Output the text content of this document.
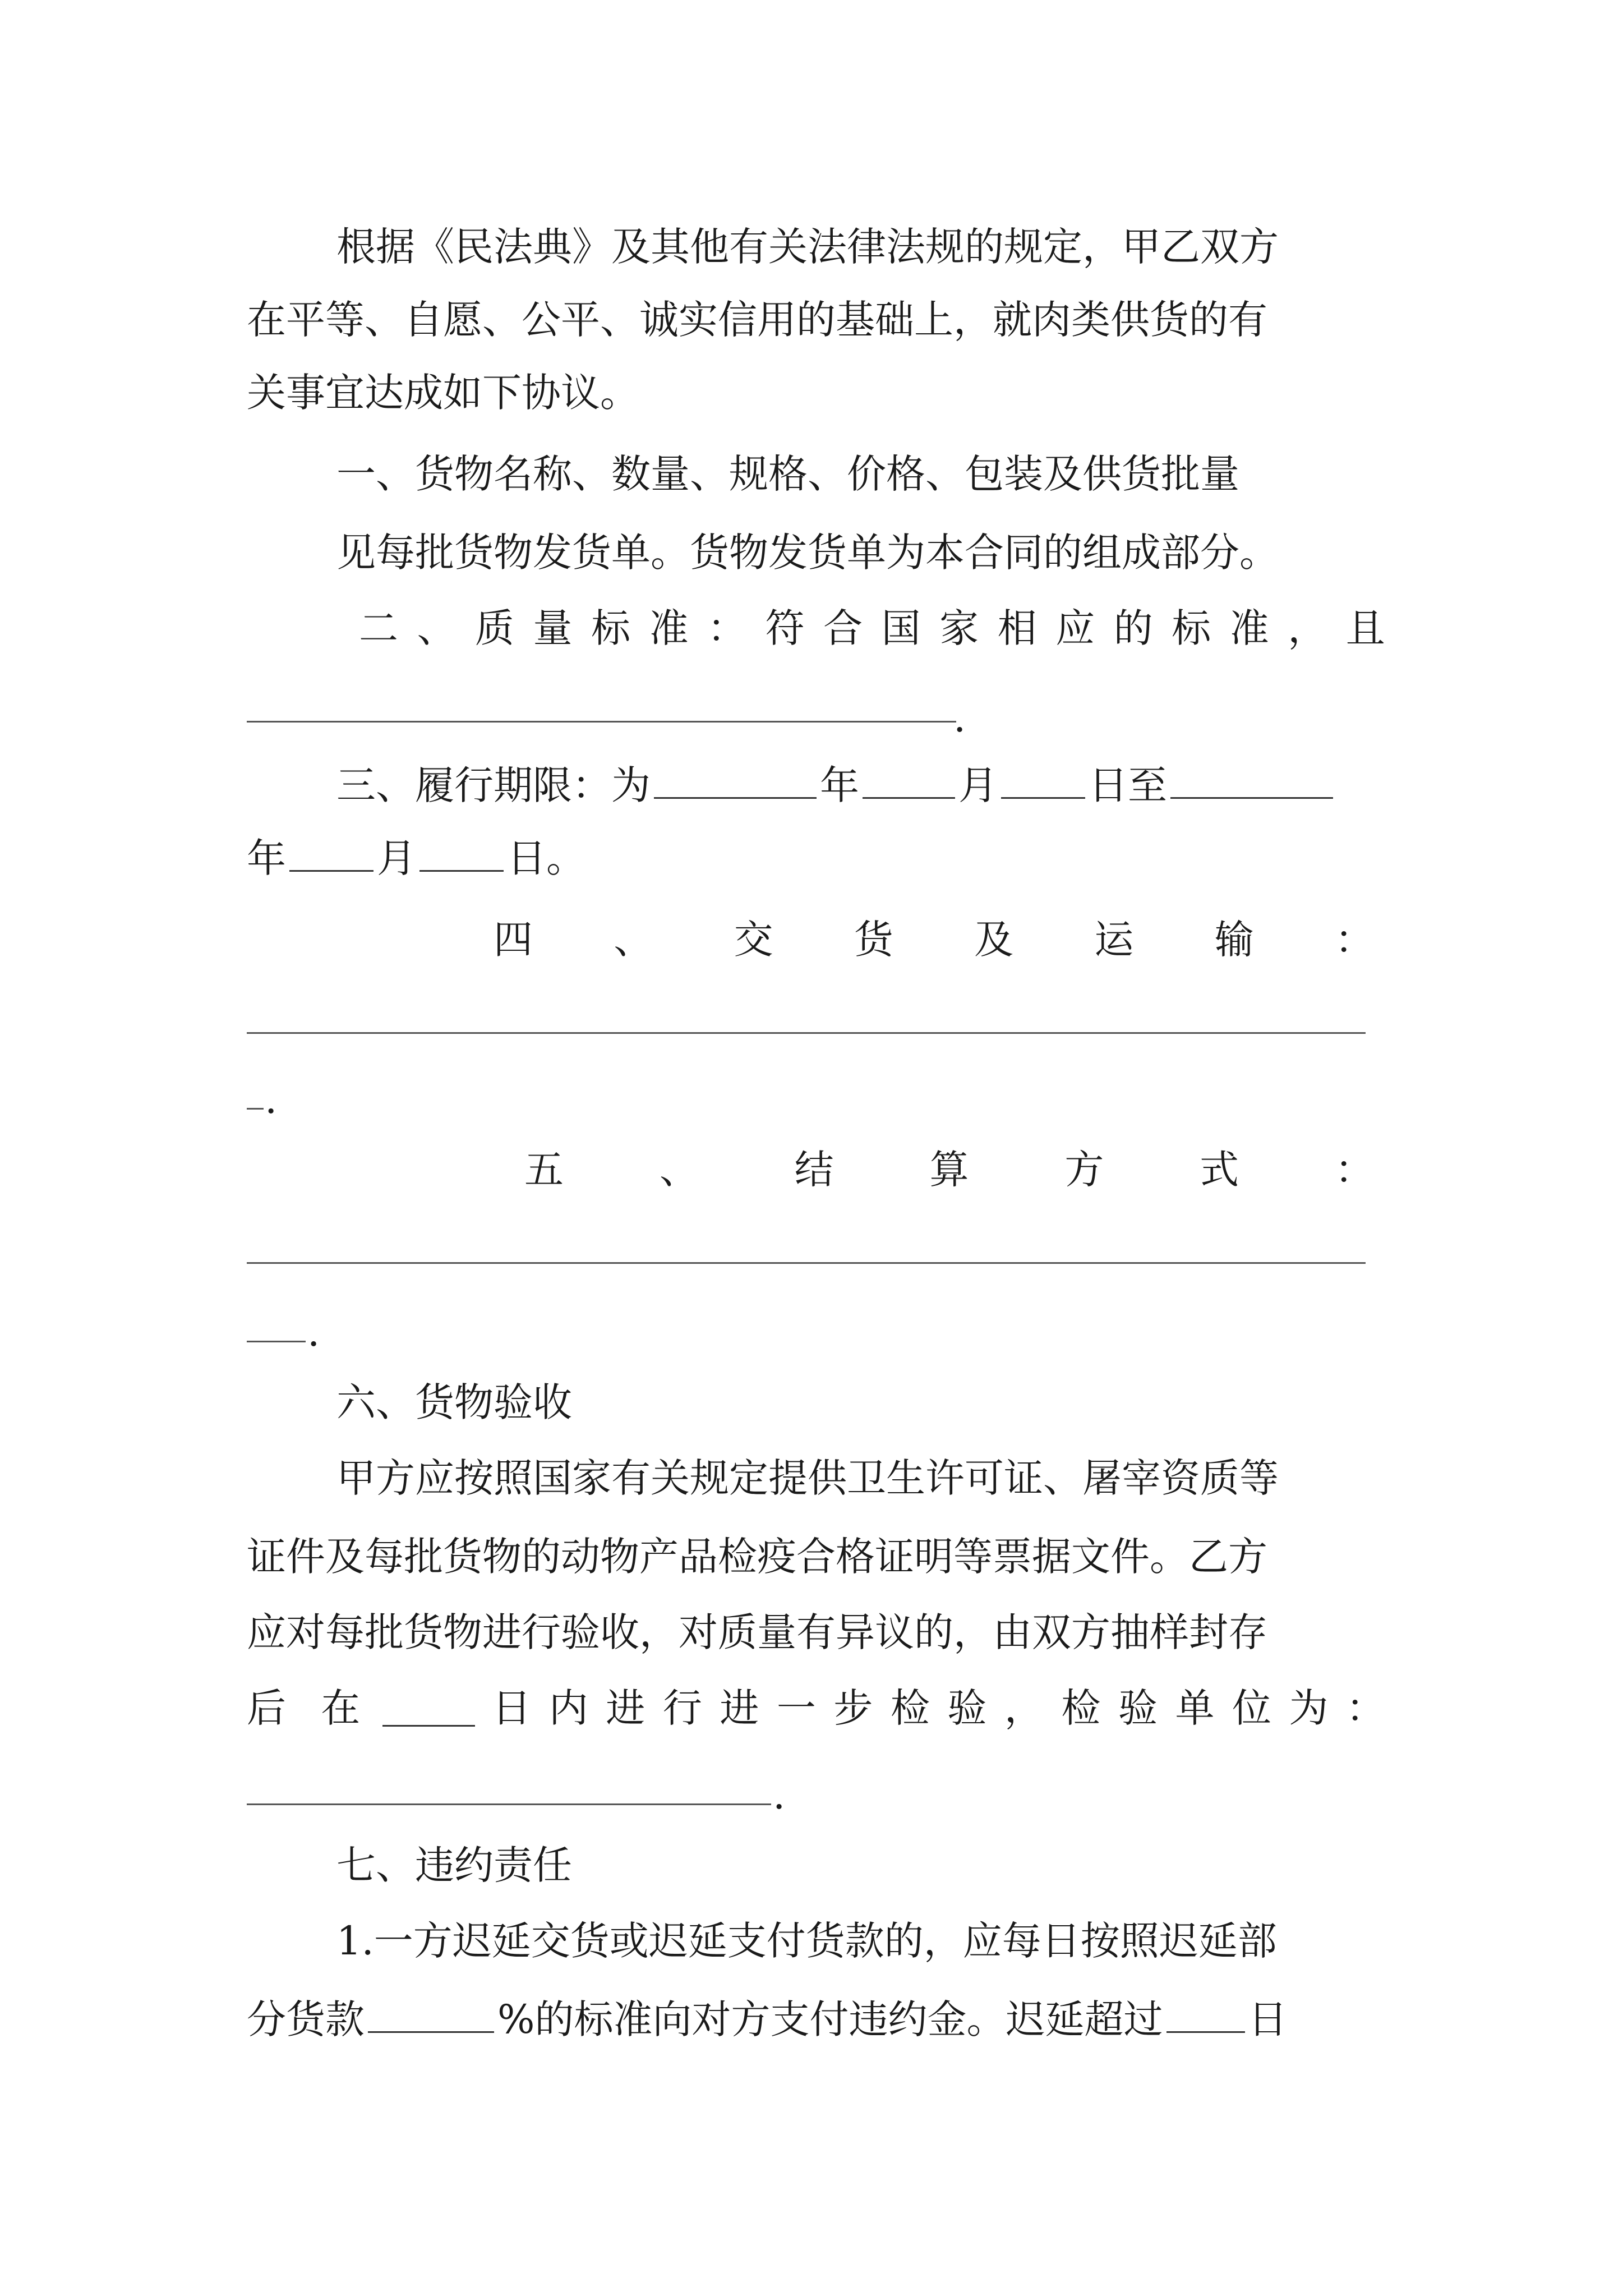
根据《民法典》及其他有关法律法规的规定，甲乙双方
在平等、自愿、公平、诚实信用的基础上，就肉类供货的有
关事宜达成如下协议。
一、货物名称、数量、规格、价格、包装及供货批量
见每批货物发货单。货物发货单为本合同的组成部分。
二 、 质 量 标 准 ： 符 合 国 家 相 应 的 标 准 ， 且
.
三、履行期限：为	年	月 日至
年 月 日。
四 、 交 货 及 运 输 ：
.
五 、 结 算 方 式 ：
.
六、货物验收
甲方应按照国家有关规定提供卫生许可证、屠宰资质等
证件及每批货物的动物产品检疫合格证明等票据文件。乙方
应对每批货物进行验收，对质量有异议的，由双方抽样封存
后 在	日 内 进 行 进 一 步 检 验 ， 检 验 单 位 为 ：
.
七、违约责任
1.一方迟延交货或迟延支付货款的，应每日按照迟延部
分货款	%的标准向对方支付违约金。迟延超过 日
